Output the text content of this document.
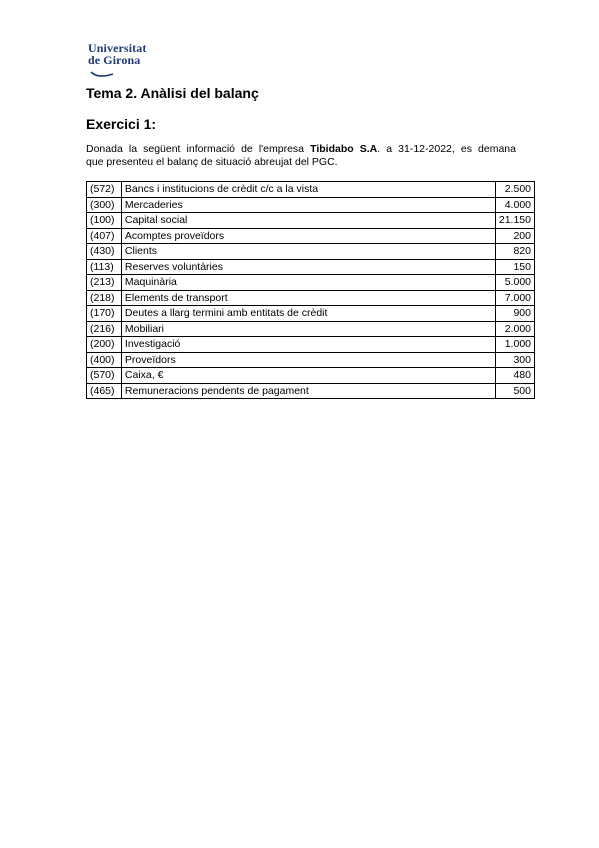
Universitat
de Girona
Tema 2. Anàlisi del balanç
Exercici 1:

Donada la següent informació de l'empresa Tibidabo S.A. a 31-12-2022, es demana
que presenteu el balanç de situació abreujat del PGC.

(572)	Bancs i institucions de crèdit c/c a la vista	2.500
(300)	Mercaderies	4.000
(100)	Capital social	21.150
(407)	Acomptes proveïdors	200
(430)	Clients	820
(113)	Reserves voluntàries	150
(213)	Maquinària	5.000
(218)	Elements de transport	7.000
(170)	Deutes a llarg termini amb entitats de crèdit	900
(216)	Mobiliari	2.000
(200)	Investigació	1.000
(400)	Proveïdors	300
(570)	Caixa, €	480
(465)	Remuneracions pendents de pagament	500
